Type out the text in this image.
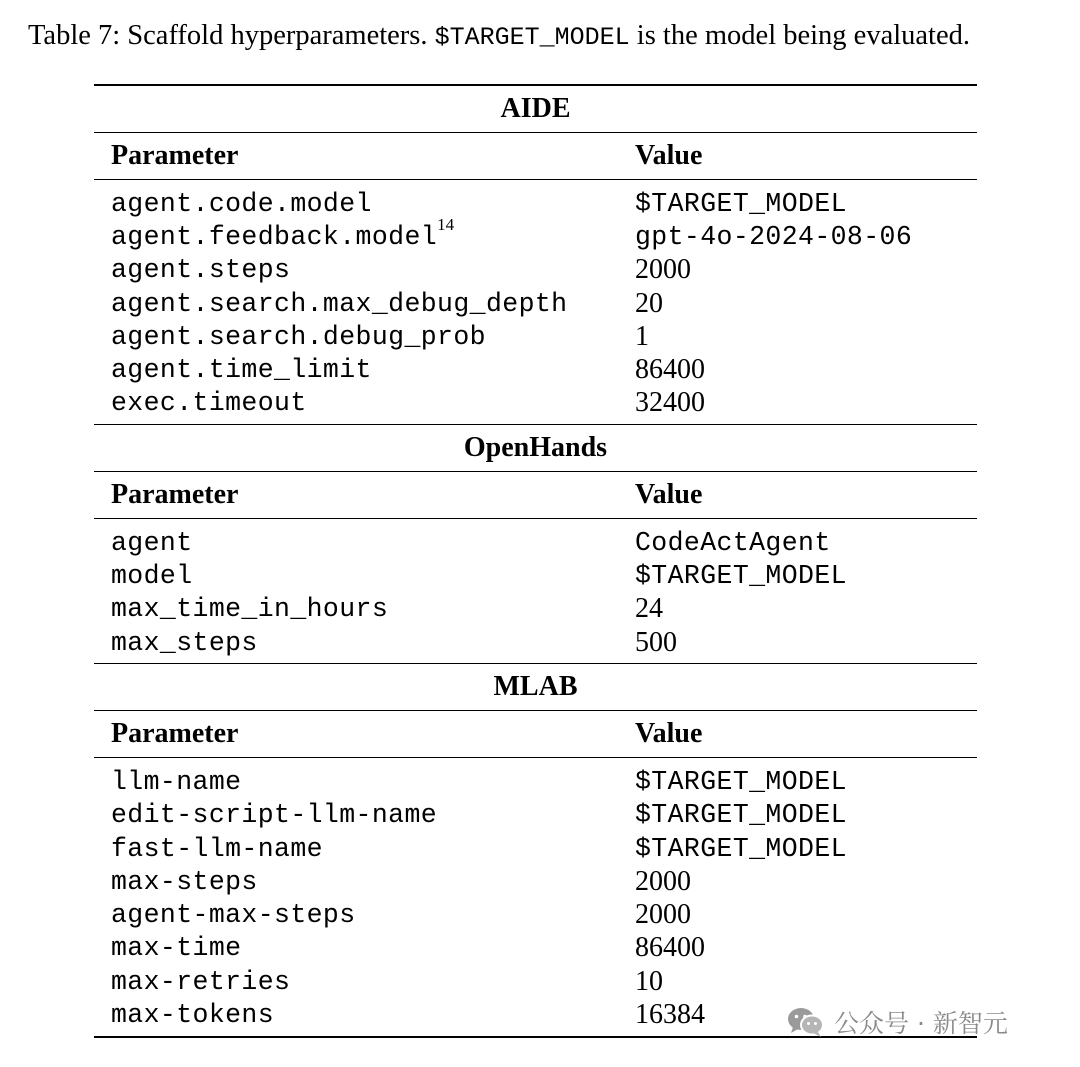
Table 7: Scaffold hyperparameters. $TARGET_MODEL is the model being evaluated.
AIDE
Parameter	Value
agent.code.model	$TARGET_MODEL
agent.feedback.model$^{14}$	gpt-4o-2024-08-06
agent.steps	2000
agent.search.max_debug_depth	20
agent.search.debug_prob	1
agent.time_limit	86400
exec.timeout	32400
OpenHands
Parameter	Value
agent	CodeActAgent
model	$TARGET_MODEL
max_time_in_hours	24
max_steps	500
MLAB
Parameter	Value
llm-name	$TARGET_MODEL
edit-script-llm-name	$TARGET_MODEL
fast-llm-name	$TARGET_MODEL
max-steps	2000
agent-max-steps	2000
max-time	86400
max-retries	10
max-tokens	16384	公众号 · 新智元
